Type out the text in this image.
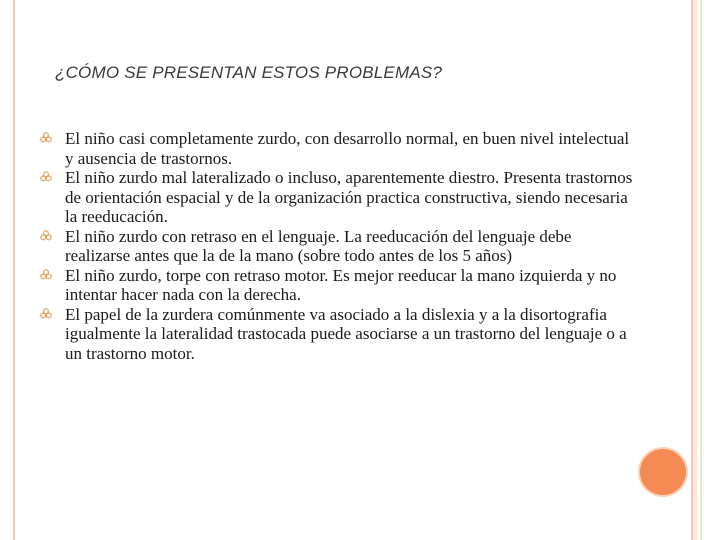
¿CÓMO SE PRESENTAN ESTOS PROBLEMAS?
El niño casi completamente zurdo, con desarrollo normal, en buen nivel intelectual y ausencia de trastornos.
El niño zurdo mal lateralizado o incluso, aparentemente diestro. Presenta trastornos de orientación espacial y de la organización practica constructiva, siendo necesaria la reeducación.
El niño zurdo con retraso en el lenguaje. La reeducación del lenguaje debe realizarse antes que la de la mano (sobre todo antes de los 5 años)
El niño zurdo, torpe con retraso motor. Es mejor reeducar la mano izquierda y no intentar hacer nada con la derecha.
El papel de la zurdera comúnmente va asociado a la dislexia y a la disortografia igualmente la lateralidad trastocada puede asociarse a un trastorno del lenguaje o a un trastorno motor.
